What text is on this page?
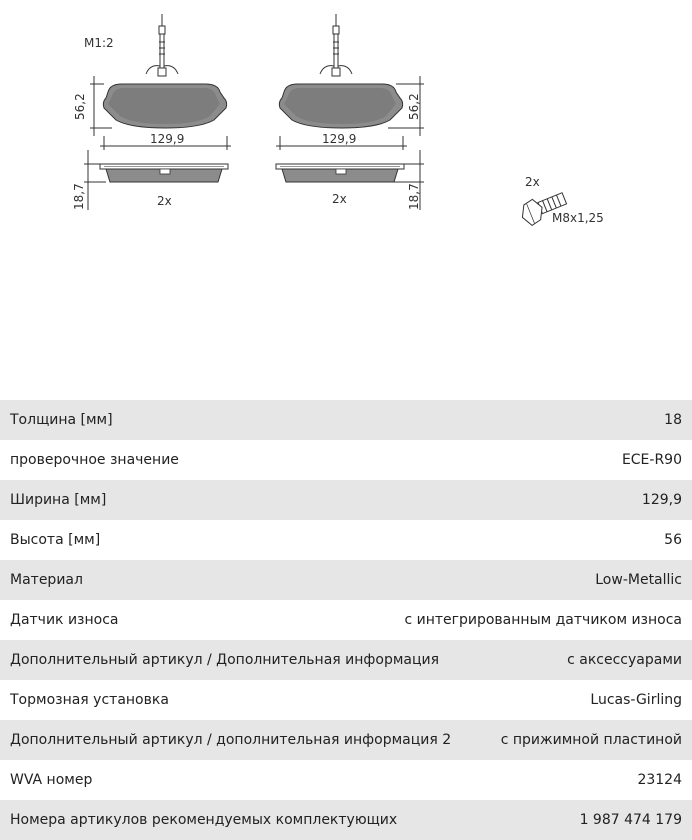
M1:2
56,2
129,9
18,7	2x
56,2
129,9
18,7
2x
2x
M8x1,25
Толщина [мм]	18
проверочное значение	ECE-R90
Ширина [мм]	129,9
Высота [мм]	56
Материал	Low-Metallic
Датчик износа	с интегрированным датчиком износа
Дополнительный артикул / Дополнительная информация	с аксессуарами
Тормозная установка	Lucas-Girling
Дополнительный артикул / дополнительная информация 2	с прижимной пластиной
WVA номер	23124
Номера артикулов рекомендуемых комплектующих	1 987 474 179
